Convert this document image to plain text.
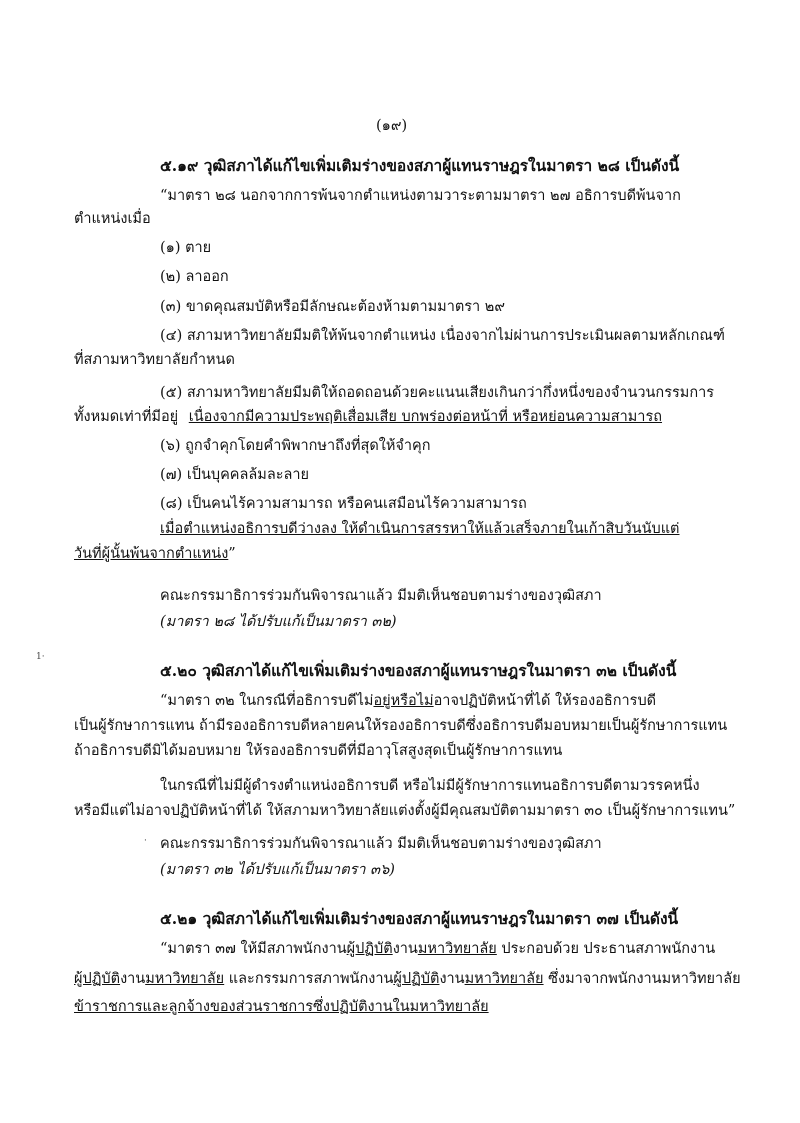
(๑๙)
๕.๑๙ วุฒิสภาได้แก้ไขเพิ่มเติมร่างของสภาผู้แทนราษฎรในมาตรา ๒๘ เป็นดังนี้
“มาตรา ๒๘ นอกจากการพ้นจากตำแหน่งตามวาระตามมาตรา ๒๗ อธิการบดีพ้นจาก
ตำแหน่งเมื่อ
(๑) ตาย
(๒) ลาออก
(๓) ขาดคุณสมบัติหรือมีลักษณะต้องห้ามตามมาตรา ๒๙
(๔) สภามหาวิทยาลัยมีมติให้พ้นจากตำแหน่ง เนื่องจากไม่ผ่านการประเมินผลตามหลักเกณฑ์
ที่สภามหาวิทยาลัยกำหนด
(๕) สภามหาวิทยาลัยมีมติให้ถอดถอนด้วยคะแนนเสียงเกินกว่ากึ่งหนึ่งของจำนวนกรรมการ
ทั้งหมดเท่าที่มีอยู่ เนื่องจากมีความประพฤติเสื่อมเสีย บกพร่องต่อหน้าที่ หรือหย่อนความสามารถ
(๖) ถูกจำคุกโดยคำพิพากษาถึงที่สุดให้จำคุก
(๗) เป็นบุคคลล้มละลาย
(๘) เป็นคนไร้ความสามารถ หรือคนเสมือนไร้ความสามารถ
เมื่อตำแหน่งอธิการบดีว่างลง ให้ดำเนินการสรรหาให้แล้วเสร็จภายในเก้าสิบวันนับแต่
วันที่ผู้นั้นพ้นจากตำแหน่ง”
คณะกรรมาธิการร่วมกันพิจารณาแล้ว มีมติเห็นชอบตามร่างของวุฒิสภา
(มาตรา ๒๘ ได้ปรับแก้เป็นมาตรา ๓๒)
1·
๕.๒๐ วุฒิสภาได้แก้ไขเพิ่มเติมร่างของสภาผู้แทนราษฎรในมาตรา ๓๒ เป็นดังนี้
“มาตรา ๓๒ ในกรณีที่อธิการบดีไม่อยู่หรือไม่อาจปฏิบัติหน้าที่ได้ ให้รองอธิการบดี
เป็นผู้รักษาการแทน ถ้ามีรองอธิการบดีหลายคนให้รองอธิการบดีซึ่งอธิการบดีมอบหมายเป็นผู้รักษาการแทน
ถ้าอธิการบดีมิได้มอบหมาย ให้รองอธิการบดีที่มีอาวุโสสูงสุดเป็นผู้รักษาการแทน
ในกรณีที่ไม่มีผู้ดำรงตำแหน่งอธิการบดี หรือไม่มีผู้รักษาการแทนอธิการบดีตามวรรคหนึ่ง
หรือมีแต่ไม่อาจปฏิบัติหน้าที่ได้ ให้สภามหาวิทยาลัยแต่งตั้งผู้มีคุณสมบัติตามมาตรา ๓๐ เป็นผู้รักษาการแทน”
· คณะกรรมาธิการร่วมกันพิจารณาแล้ว มีมติเห็นชอบตามร่างของวุฒิสภา
(มาตรา ๓๒ ได้ปรับแก้เป็นมาตรา ๓๖)
๕.๒๑ วุฒิสภาได้แก้ไขเพิ่มเติมร่างของสภาผู้แทนราษฎรในมาตรา ๓๗ เป็นดังนี้
“มาตรา ๓๗ ให้มีสภาพนักงานผู้ปฏิบัติงานมหาวิทยาลัย ประกอบด้วย ประธานสภาพนักงาน
ผู้ปฏิบัติงานมหาวิทยาลัย และกรรมการสภาพนักงานผู้ปฏิบัติงานมหาวิทยาลัย ซึ่งมาจากพนักงานมหาวิทยาลัย
ข้าราชการและลูกจ้างของส่วนราชการซึ่งปฏิบัติงานในมหาวิทยาลัย
